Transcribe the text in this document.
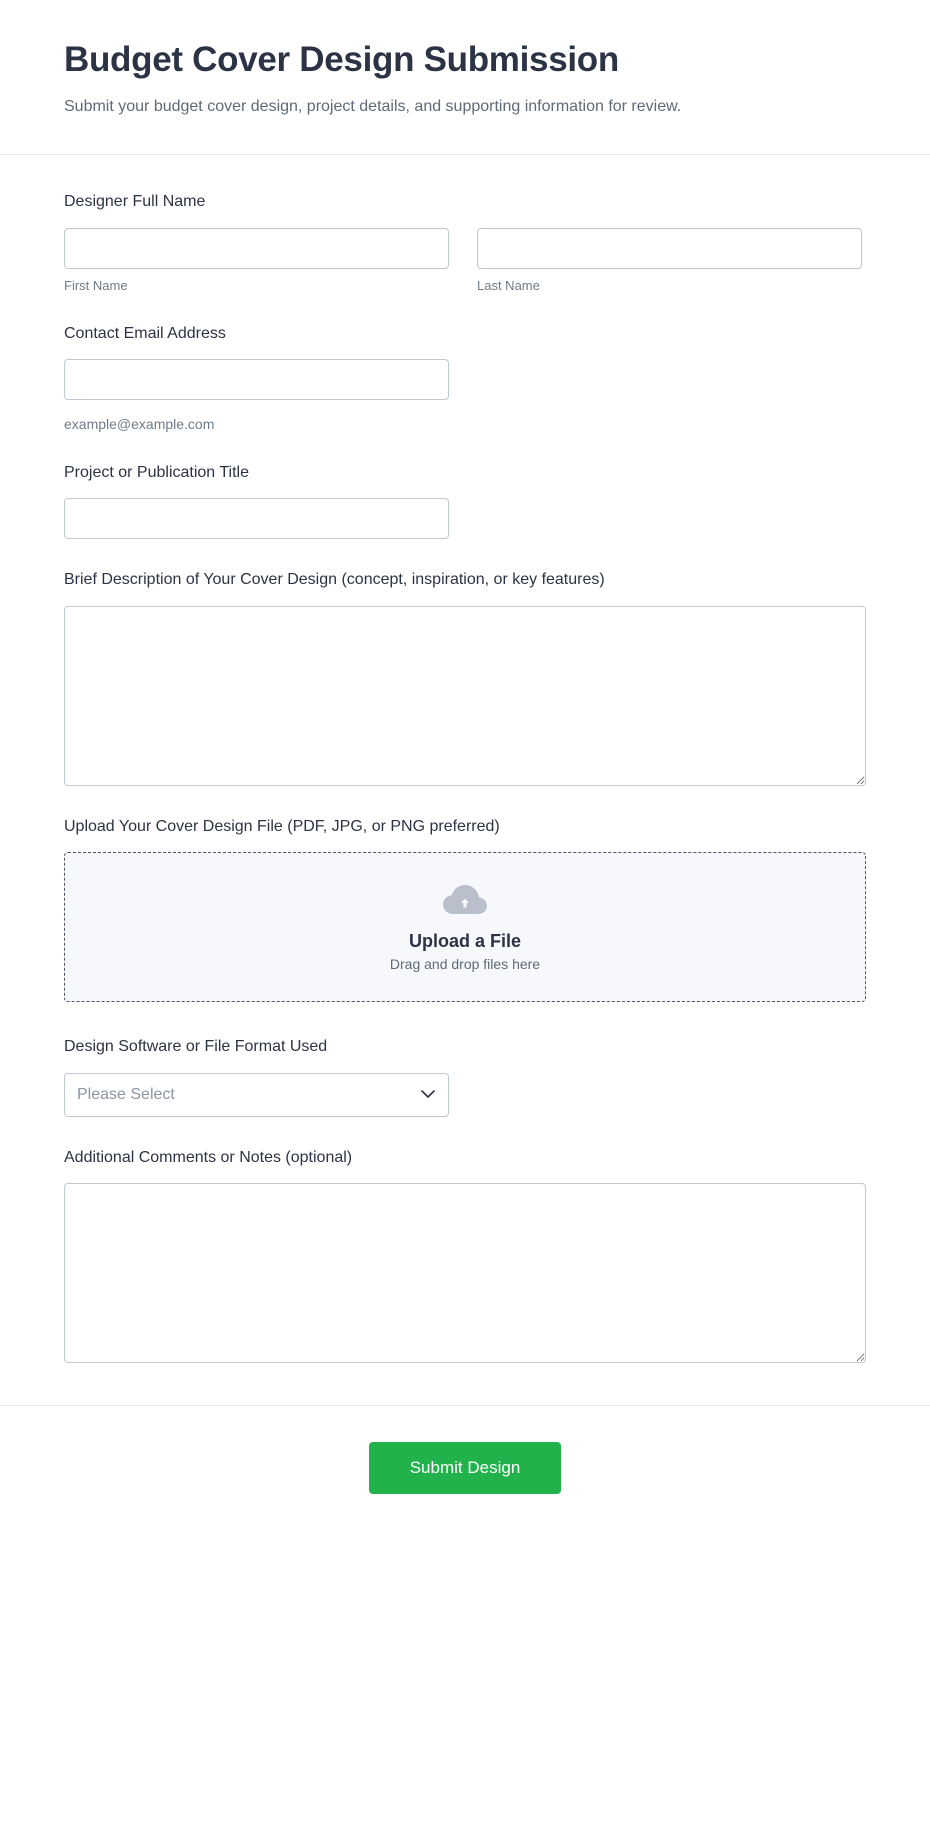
Budget Cover Design Submission

Submit your budget cover design, project details, and supporting information for review.

Designer Full Name
First Name	Last Name
Contact Email Address
example@example.com
Project or Publication Title
Brief Description of Your Cover Design (concept, inspiration, or key features)
Upload Your Cover Design File (PDF, JPG, or PNG preferred)
Upload a File
Drag and drop files here
Design Software or File Format Used
Please Select
Additional Comments or Notes (optional)
Submit Design
